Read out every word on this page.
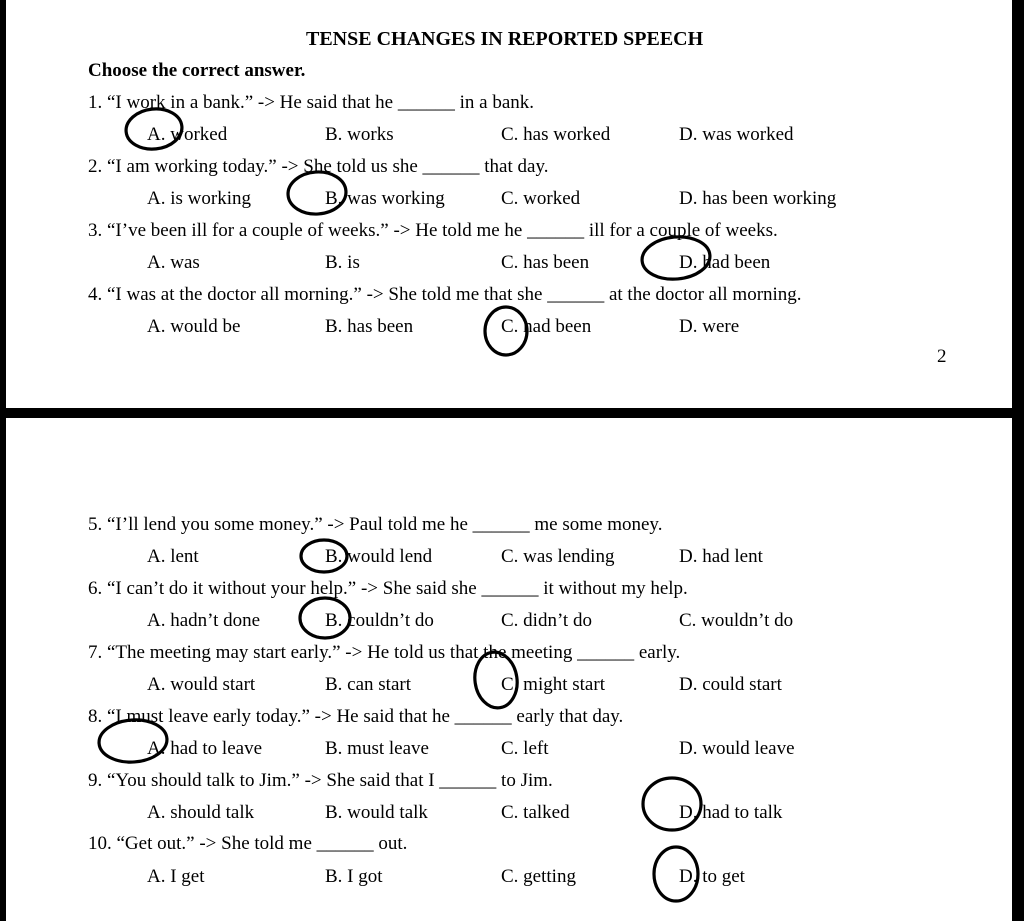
TENSE CHANGES IN REPORTED SPEECH
Choose the correct answer.
2
1. “I work in a bank.” -> He said that he ______ in a bank.
A. worked	B. works	C. has worked	D. was worked
2. “I am working today.” -> She told us she ______ that day.
A. is working	B. was working	C. worked	D. has been working
3. “I’ve been ill for a couple of weeks.” -> He told me he ______ ill for a couple of weeks.
A. was	B. is	C. has been	D. had been
4. “I was at the doctor all morning.” -> She told me that she ______ at the doctor all morning.
A. would be	B. has been	C. had been	D. were
5. “I’ll lend you some money.” -> Paul told me he ______ me some money.
A. lent	B. would lend	C. was lending	D. had lent
6. “I can’t do it without your help.” -> She said she ______ it without my help.
A. hadn’t done	B. couldn’t do	C. didn’t do	C. wouldn’t do
7. “The meeting may start early.” -> He told us that the meeting ______ early.
A. would start	B. can start	C. might start	D. could start
8. “I must leave early today.” -> He said that he ______ early that day.
A. had to leave	B. must leave	C. left	D. would leave
9. “You should talk to Jim.” -> She said that I ______ to Jim.
A. should talk	B. would talk	C. talked	D. had to talk
10. “Get out.” -> She told me ______ out.
A. I get	B. I got	C. getting	D. to get
